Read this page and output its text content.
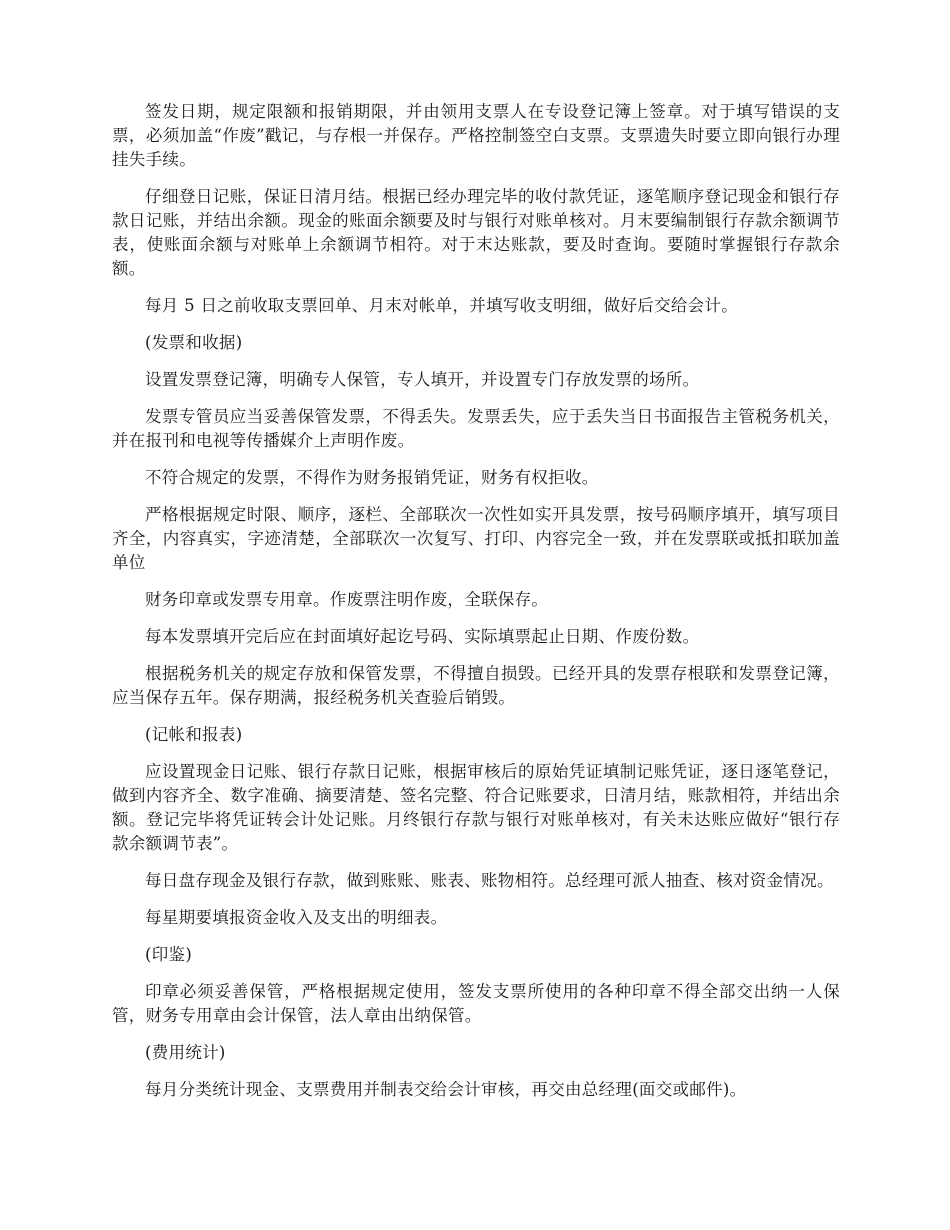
签发日期，规定限额和报销期限，并由领用支票人在专设登记簿上签章。对于填写错误的支票，必须加盖“作废”戳记，与存根一并保存。严格控制签空白支票。支票遗失时要立即向银行办理挂失手续。

仔细登日记账，保证日清月结。根据已经办理完毕的收付款凭证，逐笔顺序登记现金和银行存款日记账，并结出余额。现金的账面余额要及时与银行对账单核对。月末要编制银行存款余额调节表，使账面余额与对账单上余额调节相符。对于末达账款，要及时查询。要随时掌握银行存款余额。

每月 5 日之前收取支票回单、月末对帐单，并填写收支明细，做好后交给会计。

(发票和收据)

设置发票登记簿，明确专人保管，专人填开，并设置专门存放发票的场所。

发票专管员应当妥善保管发票，不得丢失。发票丢失，应于丢失当日书面报告主管税务机关，并在报刊和电视等传播媒介上声明作废。

不符合规定的发票，不得作为财务报销凭证，财务有权拒收。

严格根据规定时限、顺序，逐栏、全部联次一次性如实开具发票，按号码顺序填开，填写项目齐全，内容真实，字迹清楚，全部联次一次复写、打印、内容完全一致，并在发票联或抵扣联加盖单位

财务印章或发票专用章。作废票注明作废，全联保存。

每本发票填开完后应在封面填好起讫号码、实际填票起止日期、作废份数。

根据税务机关的规定存放和保管发票，不得擅自损毁。已经开具的发票存根联和发票登记簿，应当保存五年。保存期满，报经税务机关查验后销毁。

(记帐和报表)

应设置现金日记账、银行存款日记账，根据审核后的原始凭证填制记账凭证，逐日逐笔登记，做到内容齐全、数字准确、摘要清楚、签名完整、符合记账要求，日清月结，账款相符，并结出余额。登记完毕将凭证转会计处记账。月终银行存款与银行对账单核对，有关未达账应做好“银行存款余额调节表”。

每日盘存现金及银行存款，做到账账、账表、账物相符。总经理可派人抽查、核对资金情况。

每星期要填报资金收入及支出的明细表。

(印鉴)

印章必须妥善保管，严格根据规定使用，签发支票所使用的各种印章不得全部交出纳一人保管，财务专用章由会计保管，法人章由出纳保管。

(费用统计)

每月分类统计现金、支票费用并制表交给会计审核，再交由总经理(面交或邮件)。
